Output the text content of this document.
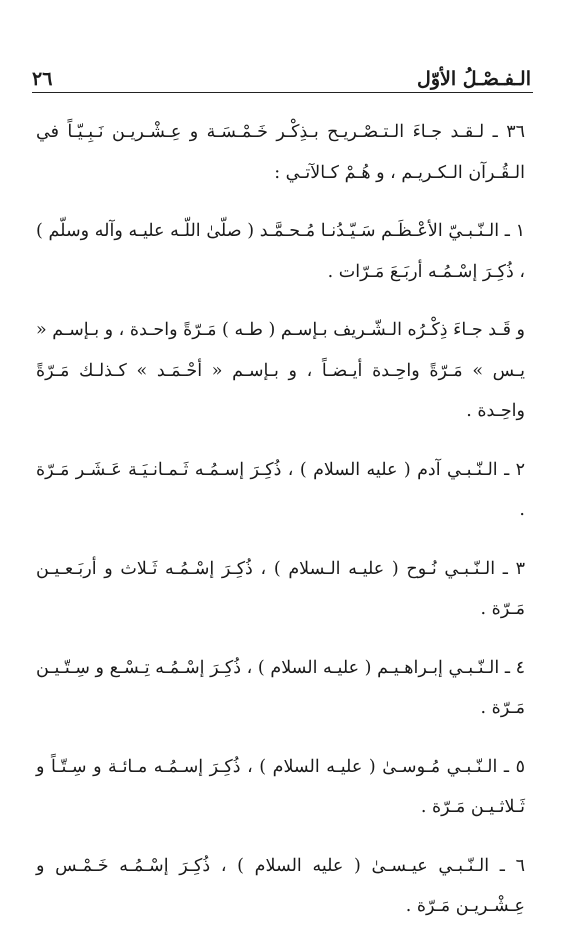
٢٦	الـفـصْـلُ الأوّل

٣٦ ـ لـقـد جـاءَ الـتـصْـريـح بـذِكْـر خَـمْـسَـة و عِـشْـريـن نَـبِـيّـاً في الـقُـرآن الـكـريـم ، و هُـمْ كـالآتـي :

١ ـ الـنّـبـيّ الأعْـظَـم سَـيّـدُنـا مُـحـمَّـد ( صلّىٰ اللّـه عليـه وآله وسلّم ) ، ذُكِـرَ إسْـمُـه أربَـعَ مَـرّات .

و قَـد جـاءَ ذِكْـرُه الـشّـريف بـإسـم ( طـه ) مَـرّةً واحـدة ، و بـإسـم « يـس » مَـرّةً واحِـدة أيـضـاً ، و بـإسـم « أحْـمَـد » كـذلـك مَـرّةً واحِـدة .

٢ ـ الـنّـبـي آدم ( عليه السلام ) ، ذُكِـرَ إسـمُـه ثَـمـانـيَـة عَـشَـر مَـرّة .

٣ ـ الـنّـبـي نُـوح ( عليـه الـسلام ) ، ذُكِـرَ إسْـمُـه ثَـلاث و أربَـعـيـن مَـرّة .

٤ ـ الـنّـبـي إبـراهـيـم ( عليـه السلام ) ، ذُكِـرَ إسْـمُـه تِـسْـع و سِـتّـيـن مَـرّة .

٥ ـ الـنّـبـي مُـوسـىٰ ( عليـه السلام ) ، ذُكِـرَ إسـمُـه مـائـة و سِـتّـاً و ثَـلاثـيـن مَـرّة .

٦ ـ الـنّـبـي عيـسـىٰ ( عليه السلام ) ، ذُكِـرَ إسْـمُـه خَـمْـس و عِـشْـريـن مَـرّة .
